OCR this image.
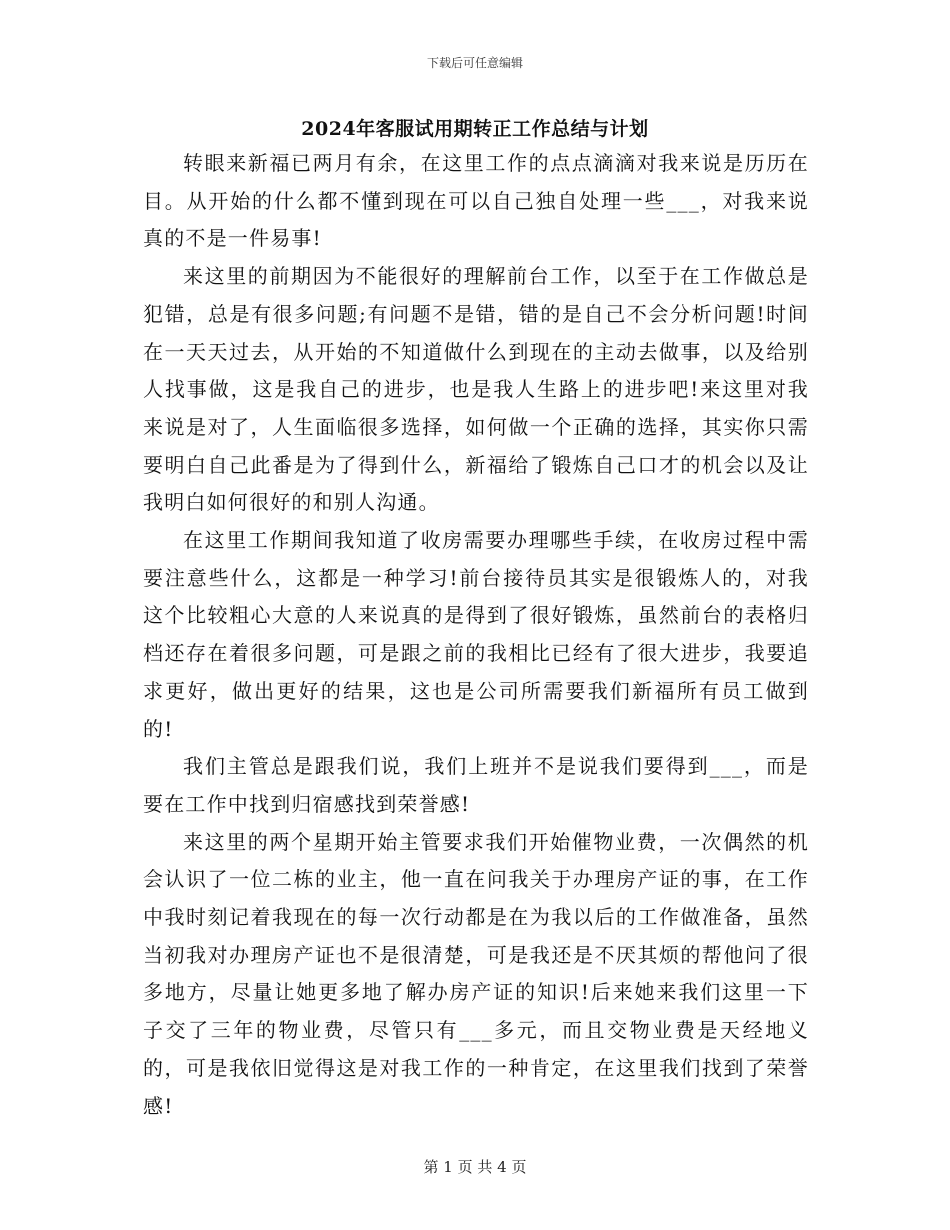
下载后可任意编辑
2024年客服试用期转正工作总结与计划

转眼来新福已两月有余，在这里工作的点点滴滴对我来说是历历在目。从开始的什么都不懂到现在可以自己独自处理一些___，对我来说真的不是一件易事!

来这里的前期因为不能很好的理解前台工作，以至于在工作做总是犯错，总是有很多问题;有问题不是错，错的是自己不会分析问题!时间在一天天过去，从开始的不知道做什么到现在的主动去做事，以及给别人找事做，这是我自己的进步，也是我人生路上的进步吧!来这里对我来说是对了，人生面临很多选择，如何做一个正确的选择，其实你只需要明白自己此番是为了得到什么，新福给了锻炼自己口才的机会以及让我明白如何很好的和别人沟通。

在这里工作期间我知道了收房需要办理哪些手续，在收房过程中需要注意些什么，这都是一种学习!前台接待员其实是很锻炼人的，对我这个比较粗心大意的人来说真的是得到了很好锻炼，虽然前台的表格归档还存在着很多问题，可是跟之前的我相比已经有了很大进步，我要追求更好，做出更好的结果，这也是公司所需要我们新福所有员工做到的!

我们主管总是跟我们说，我们上班并不是说我们要得到___，而是要在工作中找到归宿感找到荣誉感!

来这里的两个星期开始主管要求我们开始催物业费，一次偶然的机会认识了一位二栋的业主，他一直在问我关于办理房产证的事，在工作中我时刻记着我现在的每一次行动都是在为我以后的工作做准备，虽然当初我对办理房产证也不是很清楚，可是我还是不厌其烦的帮他问了很多地方，尽量让她更多地了解办房产证的知识!后来她来我们这里一下子交了三年的物业费，尽管只有___多元，而且交物业费是天经地义的，可是我依旧觉得这是对我工作的一种肯定，在这里我们找到了荣誉感!

第 1 页 共 4 页
